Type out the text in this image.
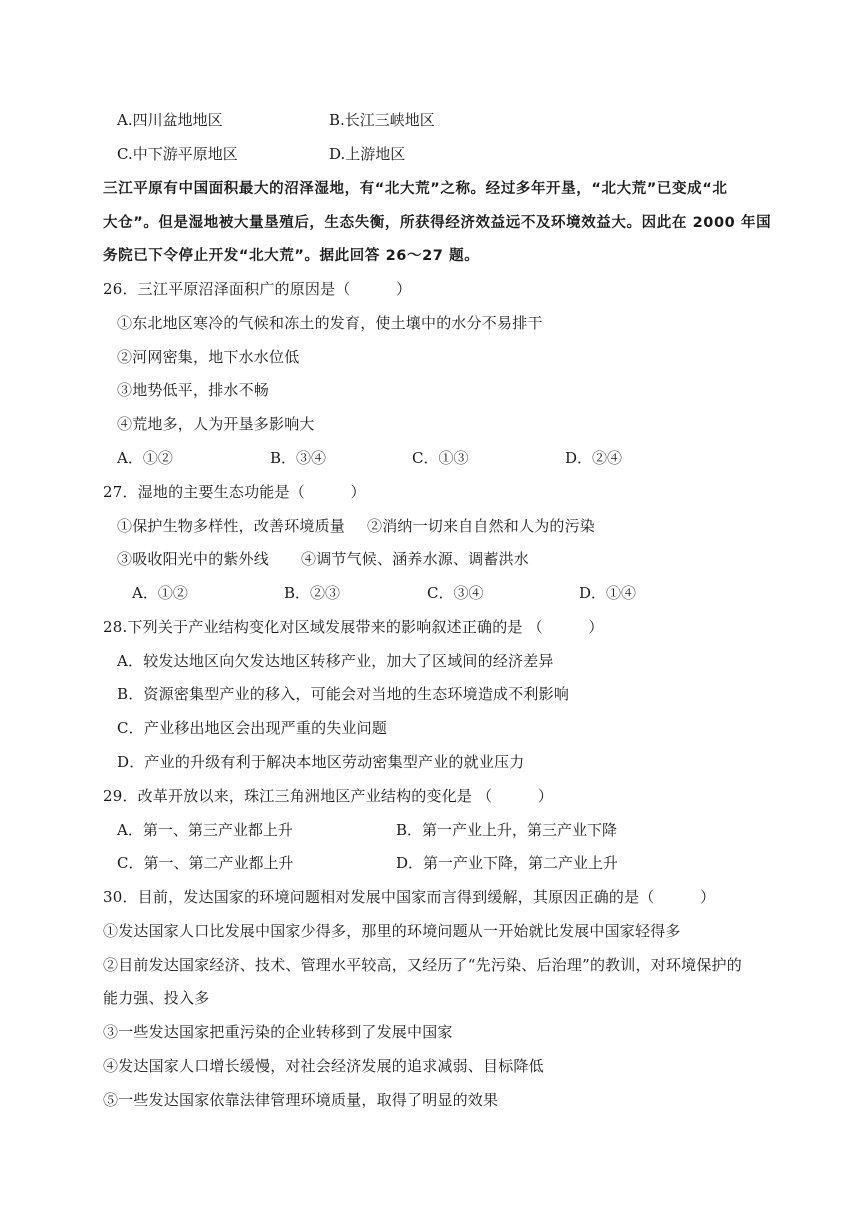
A.四川盆地地区	B.长江三峡地区
C.中下游平原地区	D.上游地区
三江平原有中国面积最大的沼泽湿地，有“北大荒”之称。经过多年开垦，“北大荒”已变成“北
大仓”。但是湿地被大量垦殖后，生态失衡，所获得经济效益远不及环境效益大。因此在 2000 年国
务院已下令停止开发“北大荒”。据此回答 26～27 题。
26．三江平原沼泽面积广的原因是（　　　）
①东北地区寒冷的气候和冻土的发育，使土壤中的水分不易排干
②河网密集，地下水水位低
③地势低平，排水不畅
④荒地多，人为开垦多影响大
A．①②	B．③④	C．①③	D．②④
27．湿地的主要生态功能是（　　　）
①保护生物多样性，改善环境质量 ②消纳一切来自自然和人为的污染
③吸收阳光中的紫外线 ④调节气候、涵养水源、调蓄洪水
A．①②	B．②③	C．③④	D．①④
28.下列关于产业结构变化对区域发展带来的影响叙述正确的是 （　　　）
A．较发达地区向欠发达地区转移产业，加大了区域间的经济差异
B．资源密集型产业的移入，可能会对当地的生态环境造成不利影响
C．产业移出地区会出现严重的失业问题
D．产业的升级有利于解决本地区劳动密集型产业的就业压力
29．改革开放以来，珠江三角洲地区产业结构的变化是 （　　　）
A．第一、第三产业都上升	B．第一产业上升，第三产业下降
C．第一、第二产业都上升	D．第一产业下降，第二产业上升
30．目前，发达国家的环境问题相对发展中国家而言得到缓解，其原因正确的是（　　　）
①发达国家人口比发展中国家少得多，那里的环境问题从一开始就比发展中国家轻得多
②目前发达国家经济、技术、管理水平较高，又经历了“先污染、后治理”的教训，对环境保护的
能力强、投入多
③一些发达国家把重污染的企业转移到了发展中国家
④发达国家人口增长缓慢，对社会经济发展的追求减弱、目标降低
⑤一些发达国家依靠法律管理环境质量，取得了明显的效果
